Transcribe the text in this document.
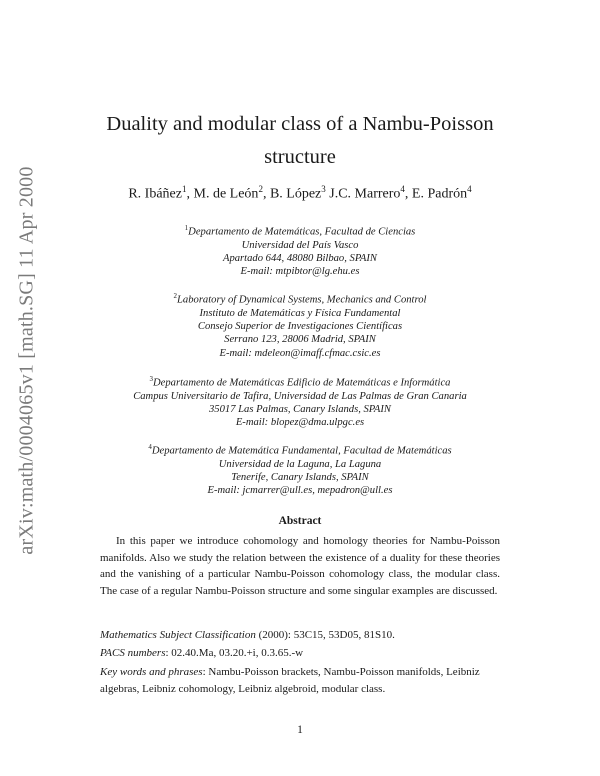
arXiv:math/0004065v1 [math.SG] 11 Apr 2000
Duality and modular class of a Nambu-Poisson
structure
R. Ibáñez$^1$, M. de León$^2$, B. López$^3$ J.C. Marrero$^4$, E. Padrón$^4$
$^1$Departamento de Matemáticas, Facultad de Ciencias
Universidad del País Vasco
Apartado 644, 48080 Bilbao, SPAIN
E-mail: mtpibtor@lg.ehu.es
$^2$Laboratory of Dynamical Systems, Mechanics and Control
Instituto de Matemáticas y Física Fundamental
Consejo Superior de Investigaciones Científicas
Serrano 123, 28006 Madrid, SPAIN
E-mail: mdeleon@imaff.cfmac.csic.es
$^3$Departamento de Matemáticas Edificio de Matemáticas e Informática
Campus Universitario de Tafira, Universidad de Las Palmas de Gran Canaria
35017 Las Palmas, Canary Islands, SPAIN
E-mail: blopez@dma.ulpgc.es
$^4$Departamento de Matemática Fundamental, Facultad de Matemáticas
Universidad de la Laguna, La Laguna
Tenerife, Canary Islands, SPAIN
E-mail: jcmarrer@ull.es, mepadron@ull.es
Abstract

In this paper we introduce cohomology and homology theories for Nambu-Poisson manifolds. Also we study the relation between the existence of a duality for these theories and the vanishing of a particular Nambu-Poisson cohomology class, the modular class. The case of a regular Nambu-Poisson structure and some singular examples are discussed.

Mathematics Subject Classification (2000): 53C15, 53D05, 81S10.

PACS numbers: 02.40.Ma, 03.20.+i, 0.3.65.-w

Key words and phrases: Nambu-Poisson brackets, Nambu-Poisson manifolds, Leibniz algebras, Leibniz cohomology, Leibniz algebroid, modular class.

1
